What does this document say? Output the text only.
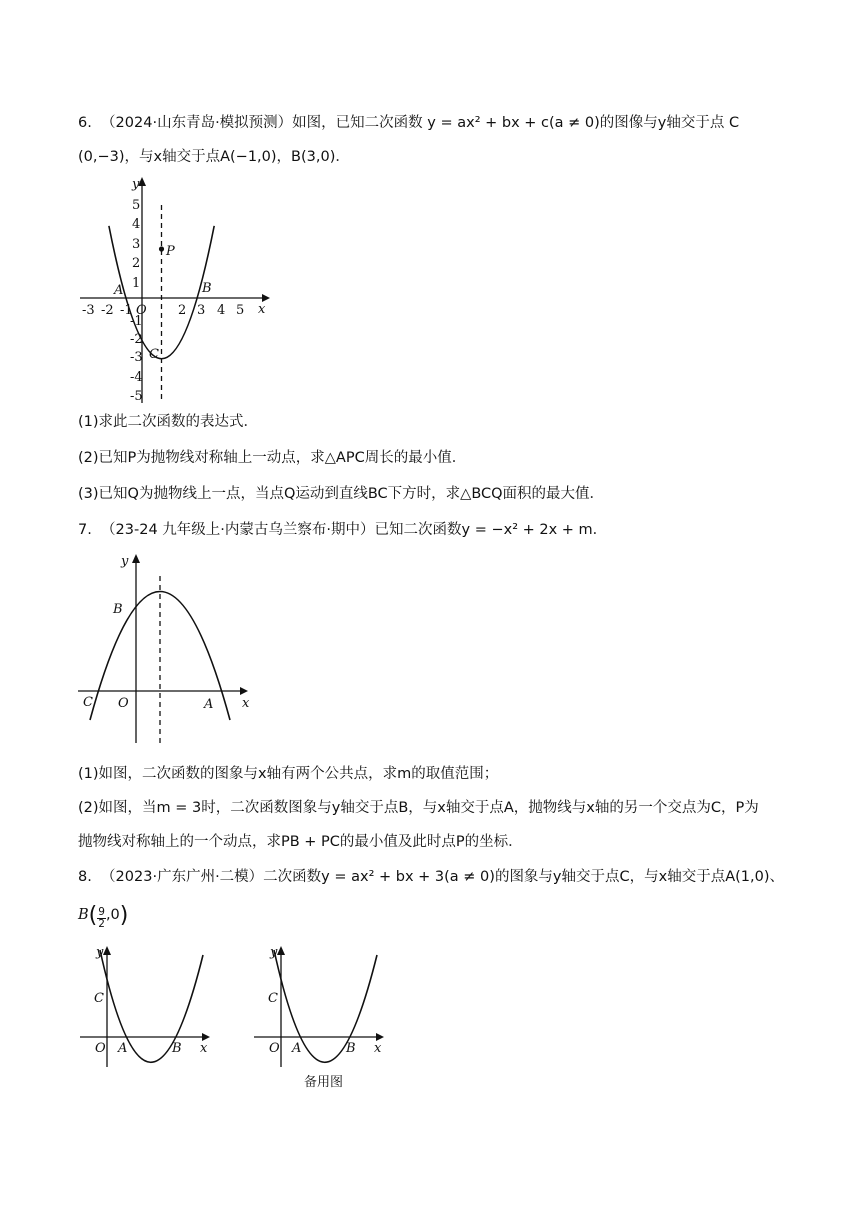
6.  （2024·山东青岛·模拟预测）如图，已知二次函数 y = ax² + bx + c(a ≠ 0)的图像与y轴交于点 C
(0,−3)，与x轴交于点A(−1,0)，B(3,0)．
x
y
-3 -2 -1 O 2 3 4 5
5
4
3
2
1
-1
-2
-3
-4
-5
P
A	B
C
(1)求此二次函数的表达式．
(2)已知P为抛物线对称轴上一动点，求△APC周长的最小值．
(3)已知Q为抛物线上一点，当点Q运动到直线BC下方时，求△BCQ面积的最大值．
7.  （23-24 九年级上·内蒙古乌兰察布·期中）已知二次函数y = −x² + 2x + m．
x
y
B
C O	A
(1)如图，二次函数的图象与x轴有两个公共点，求m的取值范围；
(2)如图，当m = 3时，二次函数图象与y轴交于点B，与x轴交于点A，抛物线与x轴的另一个交点为C，P为
抛物线对称轴上的一个动点，求PB + PC的最小值及此时点P的坐标．
8.  （2023·广东广州·二模）二次函数y = ax² + bx + 3(a ≠ 0)的图象与y轴交于点C，与x轴交于点A(1,0)、
$B( \frac{9}{2} ,0)$
x
y
C
O A	B	x
y
C
O A	B
备用图
